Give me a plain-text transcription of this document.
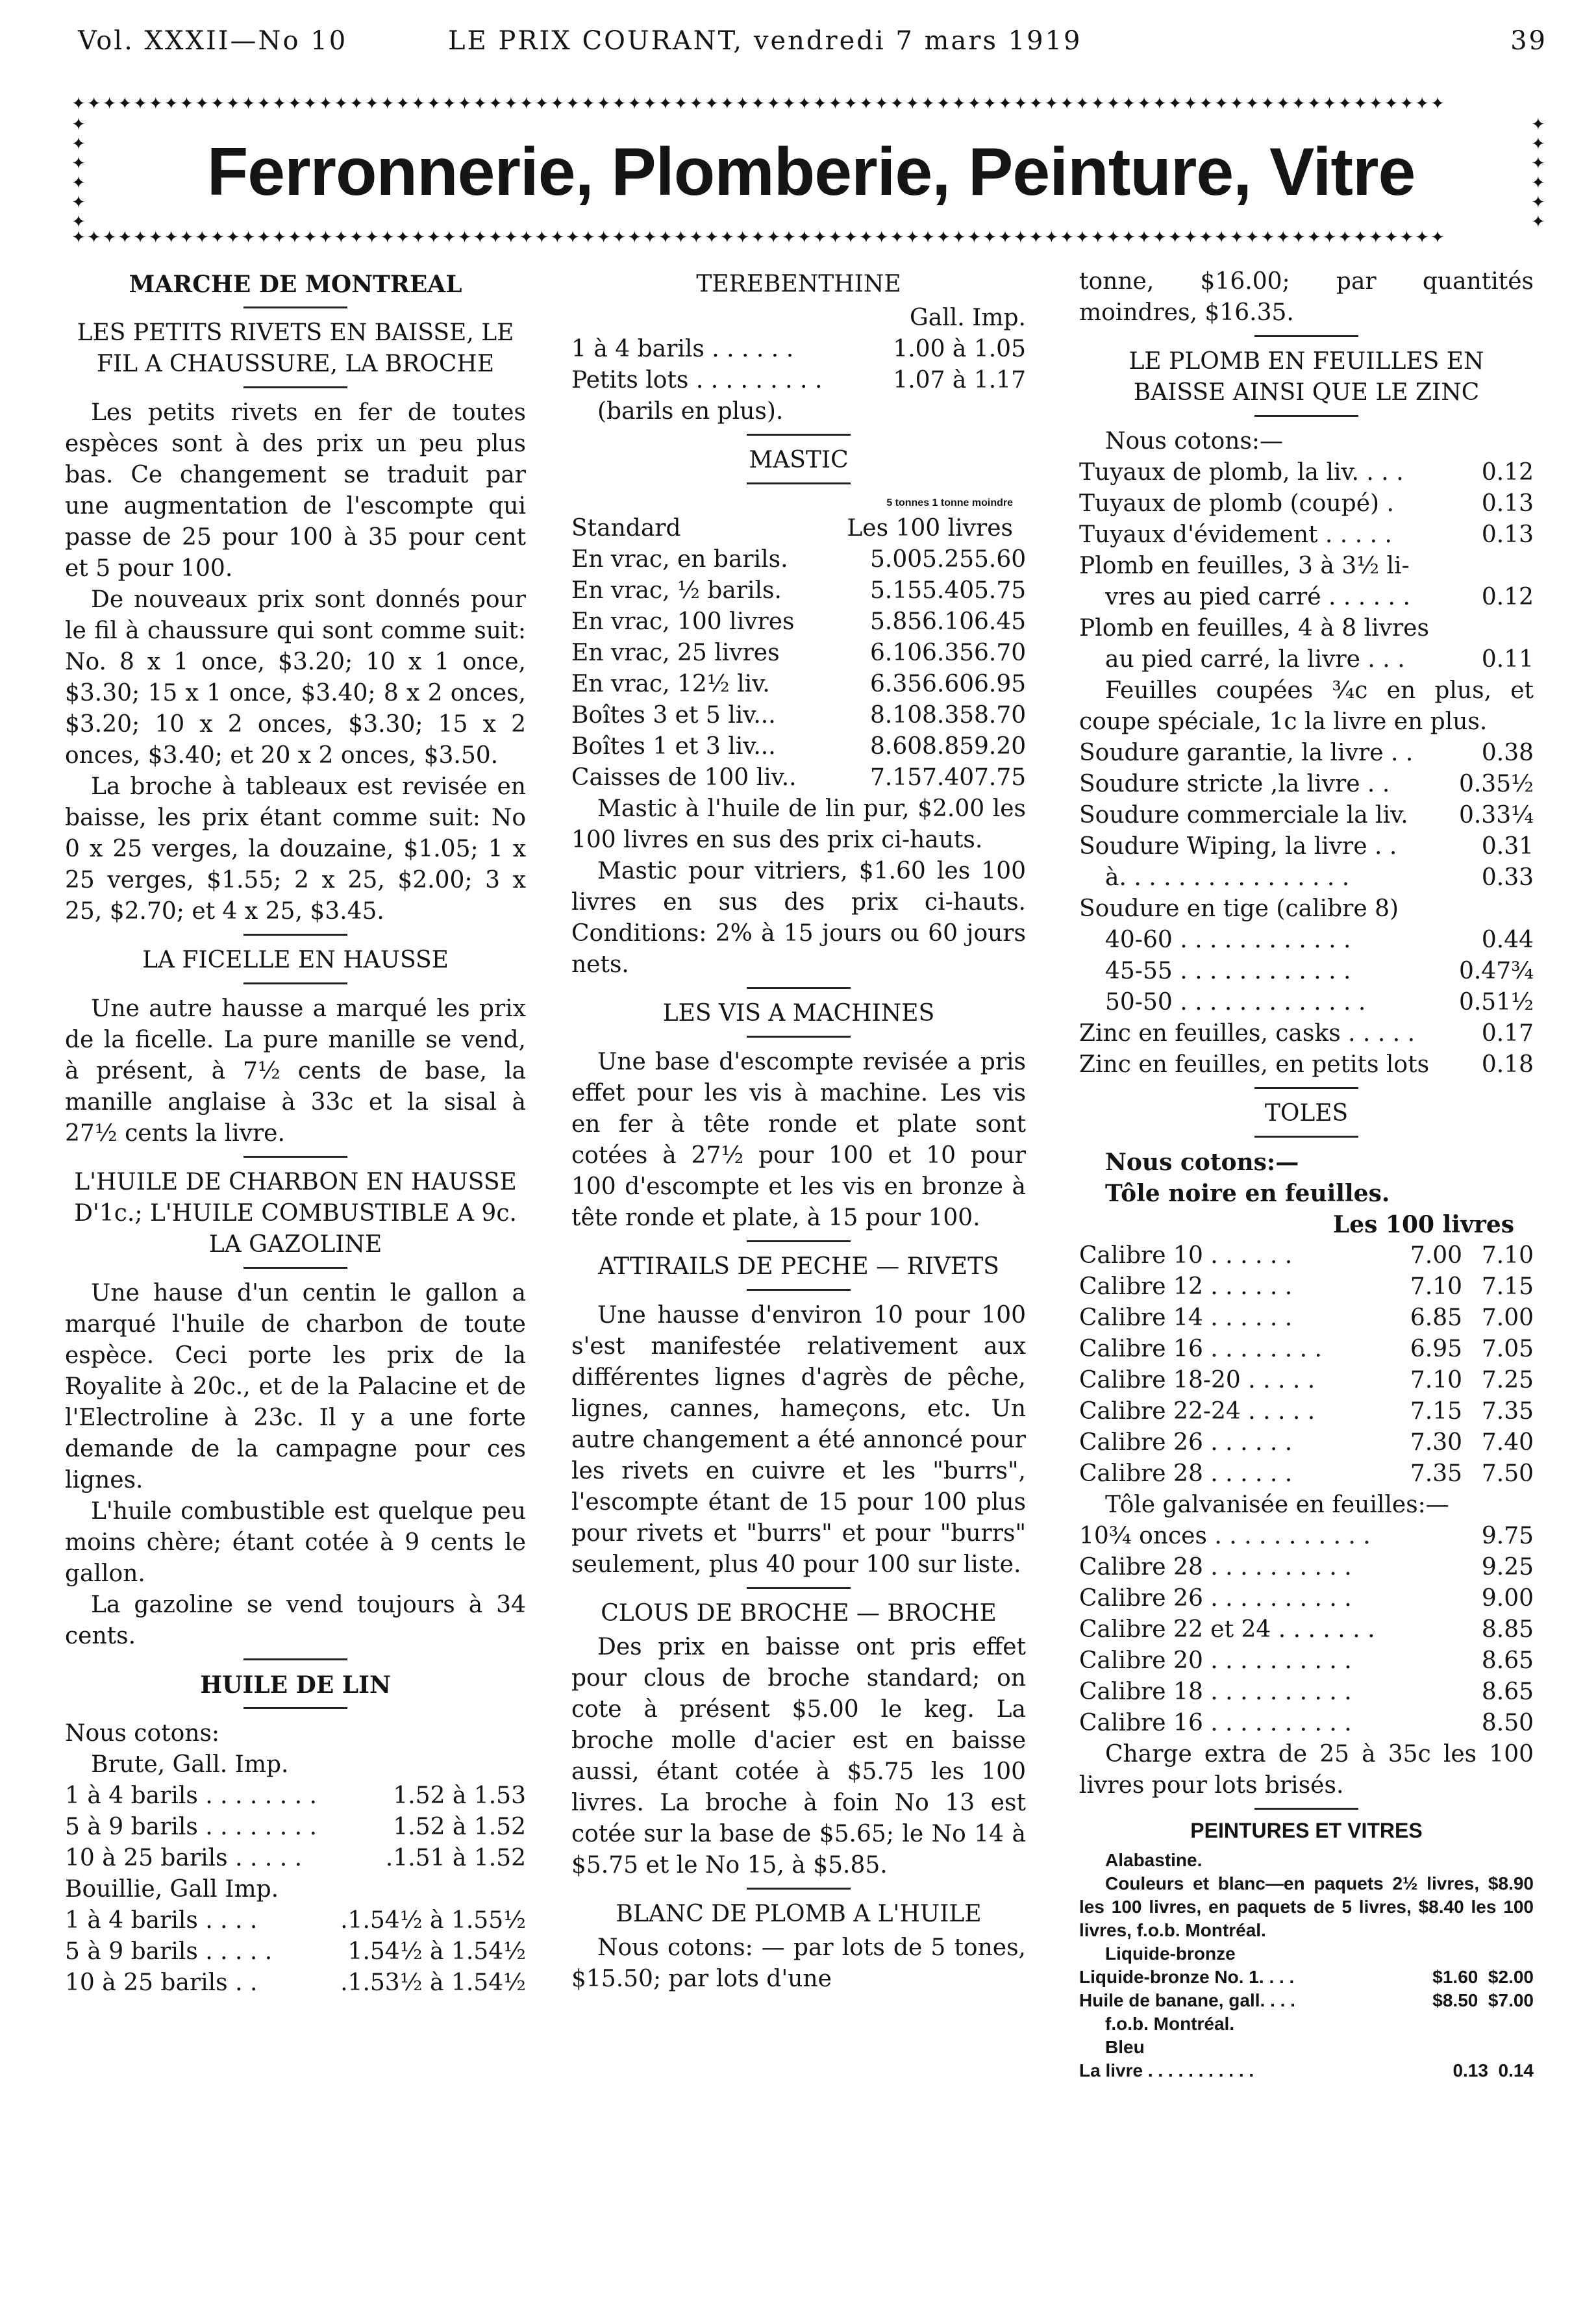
Vol. XXXII—No 10	LE PRIX COURANT, vendredi 7 mars 1919	39
✦✦✦✦✦✦✦✦✦✦✦✦✦✦✦✦✦✦✦✦✦✦✦✦✦✦✦✦✦✦✦✦✦✦✦✦✦✦✦✦✦✦✦✦✦✦✦✦✦✦✦✦✦✦✦✦✦✦✦✦✦✦✦✦✦✦✦✦✦✦✦✦✦✦✦✦✦✦✦✦✦✦✦✦✦✦✦✦✦
✦
✦
✦
✦
✦
✦
Ferronnerie, Plomberie, Peinture, Vitre
✦
✦
✦
✦
✦
✦
✦✦✦✦✦✦✦✦✦✦✦✦✦✦✦✦✦✦✦✦✦✦✦✦✦✦✦✦✦✦✦✦✦✦✦✦✦✦✦✦✦✦✦✦✦✦✦✦✦✦✦✦✦✦✦✦✦✦✦✦✦✦✦✦✦✦✦✦✦✦✦✦✦✦✦✦✦✦✦✦✦✦✦✦✦✦✦✦✦
MARCHE DE MONTREAL
LES PETITS RIVETS EN BAISSE, LE FIL A CHAUSSURE, LA BROCHE

Les petits rivets en fer de toutes espèces sont à des prix un peu plus bas. Ce changement se traduit par une augmentation de l'escompte qui passe de 25 pour 100 à 35 pour cent et 5 pour 100.

De nouveaux prix sont donnés pour le fil à chaussure qui sont comme suit: No. 8 x 1 once, $3.20; 10 x 1 once, $3.30; 15 x 1 once, $3.40; 8 x 2 onces, $3.20; 10 x 2 onces, $3.30; 15 x 2 onces, $3.40; et 20 x 2 onces, $3.50.

La broche à tableaux est revisée en baisse, les prix étant comme suit: No 0 x 25 verges, la douzaine, $1.05; 1 x 25 verges, $1.55; 2 x 25, $2.00; 3 x 25, $2.70; et 4 x 25, $3.45.

LA FICELLE EN HAUSSE

Une autre hausse a marqué les prix de la ficelle. La pure manille se vend, à présent, à 7½ cents de base, la manille anglaise à 33c et la sisal à 27½ cents la livre.

L'HUILE DE CHARBON EN HAUSSE D'1c.; L'HUILE COMBUSTIBLE A 9c. LA GAZOLINE

Une hause d'un centin le gallon a marqué l'huile de charbon de toute espèce. Ceci porte les prix de la Royalite à 20c., et de la Palacine et de l'Electroline à 23c. Il y a une forte demande de la campagne pour ces lignes.

L'huile combustible est quelque peu moins chère; étant cotée à 9 cents le gallon.

La gazoline se vend toujours à 34 cents.

HUILE DE LIN
Nous cotons:
Brute, Gall. Imp.
1 à 4 barils . . . . . . . .	1.52 à 1.53
5 à 9 barils . . . . . . . .	1.52 à 1.52
10 à 25 barils . . . . .	.1.51 à 1.52
Bouillie, Gall Imp.
1 à 4 barils . . . .	.1.54½ à 1.55½
5 à 9 barils . . . . .	1.54½ à 1.54½
10 à 25 barils . .	.1.53½ à 1.54½
TEREBENTHINE
Gall. Imp.
1 à 4 barils . . . . . .	1.00 à 1.05
Petits lots . . . . . . . . .	1.07 à 1.17
(barils en plus).
MASTIC
5 tonnes 1 tonne moindre
Standard	Les 100 livres
En vrac, en barils.	5.00 5.25 5.60
En vrac, ½ barils.	5.15 5.40 5.75
En vrac, 100 livres	5.85 6.10 6.45
En vrac, 25 livres	6.10 6.35 6.70
En vrac, 12½ liv.	6.35 6.60 6.95
Boîtes 3 et 5 liv...	8.10 8.35 8.70
Boîtes 1 et 3 liv...	8.60 8.85 9.20
Caisses de 100 liv..	7.15 7.40 7.75

Mastic à l'huile de lin pur, $2.00 les 100 livres en sus des prix ci-hauts.

Mastic pour vitriers, $1.60 les 100 livres en sus des prix ci-hauts. Conditions: 2% à 15 jours ou 60 jours nets.

LES VIS A MACHINES

Une base d'escompte revisée a pris effet pour les vis à machine. Les vis en fer à tête ronde et plate sont cotées à 27½ pour 100 et 10 pour 100 d'escompte et les vis en bronze à tête ronde et plate, à 15 pour 100.

ATTIRAILS DE PECHE — RIVETS

Une hausse d'environ 10 pour 100 s'est manifestée relativement aux différentes lignes d'agrès de pêche, lignes, cannes, hameçons, etc. Un autre changement a été annoncé pour les rivets en cuivre et les "burrs", l'escompte étant de 15 pour 100 plus pour rivets et "burrs" et pour "burrs" seulement, plus 40 pour 100 sur liste.

CLOUS DE BROCHE — BROCHE

Des prix en baisse ont pris effet pour clous de broche standard; on cote à présent $5.00 le keg. La broche molle d'acier est en baisse aussi, étant cotée à $5.75 les 100 livres. La broche à foin No 13 est cotée sur la base de $5.65; le No 14 à $5.75 et le No 15, à $5.85.

BLANC DE PLOMB A L'HUILE

Nous cotons: — par lots de 5 tones, $15.50; par lots d'une

tonne, $16.00; par quantités moindres, $16.35.

LE PLOMB EN FEUILLES EN BAISSE AINSI QUE LE ZINC
Nous cotons:—
Tuyaux de plomb, la liv. . . .	0.12
Tuyaux de plomb (coupé) .	0.13
Tuyaux d'évidement . . . . .	0.13
Plomb en feuilles, 3 à 3½ li-
vres au pied carré . . . . . .	0.12
Plomb en feuilles, 4 à 8 livres
au pied carré, la livre . . .	0.11

Feuilles coupées ¾c en plus, et coupe spéciale, 1c la livre en plus.

Soudure garantie, la livre . .	0.38
Soudure stricte ,la livre . .	0.35½
Soudure commerciale la liv. 0.33¼
Soudure Wiping, la livre . .	0.31
à. . . . . . . . . . . . . . . .	0.33
Soudure en tige (calibre 8)
40-60 . . . . . . . . . . . .	0.44
45-55 . . . . . . . . . . . .	0.47¾
50-50 . . . . . . . . . . . . .	0.51½
Zinc en feuilles, casks . . . . .	0.17
Zinc en feuilles, en petits lots 0.18
TOLES
Nous cotons:—
Tôle noire en feuilles.
Les 100 livres
Calibre 10 . . . . . .	7.00 7.10
Calibre 12 . . . . . .	7.10 7.15
Calibre 14 . . . . . .	6.85 7.00
Calibre 16 . . . . . . . .	6.95 7.05
Calibre 18-20 . . . . .	7.10 7.25
Calibre 22-24 . . . . .	7.15 7.35
Calibre 26 . . . . . .	7.30 7.40
Calibre 28 . . . . . .	7.35 7.50
Tôle galvanisée en feuilles:—
10¾ onces . . . . . . . . . . .	9.75
Calibre 28 . . . . . . . . . .	9.25
Calibre 26 . . . . . . . . . .	9.00
Calibre 22 et 24 . . . . . . .	8.85
Calibre 20 . . . . . . . . . .	8.65
Calibre 18 . . . . . . . . . .	8.65
Calibre 16 . . . . . . . . . .	8.50

Charge extra de 25 à 35c les 100 livres pour lots brisés.

PEINTURES ET VITRES
Alabastine.
Couleurs et blanc—en paquets 2½ livres, $8.90 les 100 livres, en paquets de 5 livres, $8.40 les 100 livres, f.o.b. Montréal.
Liquide-bronze
Liquide-bronze No. 1. . . .	$1.60 $2.00
Huile de banane, gall. . . .	$8.50 $7.00
f.o.b. Montréal.
Bleu
La livre . . . . . . . . . . .	0.13 0.14
